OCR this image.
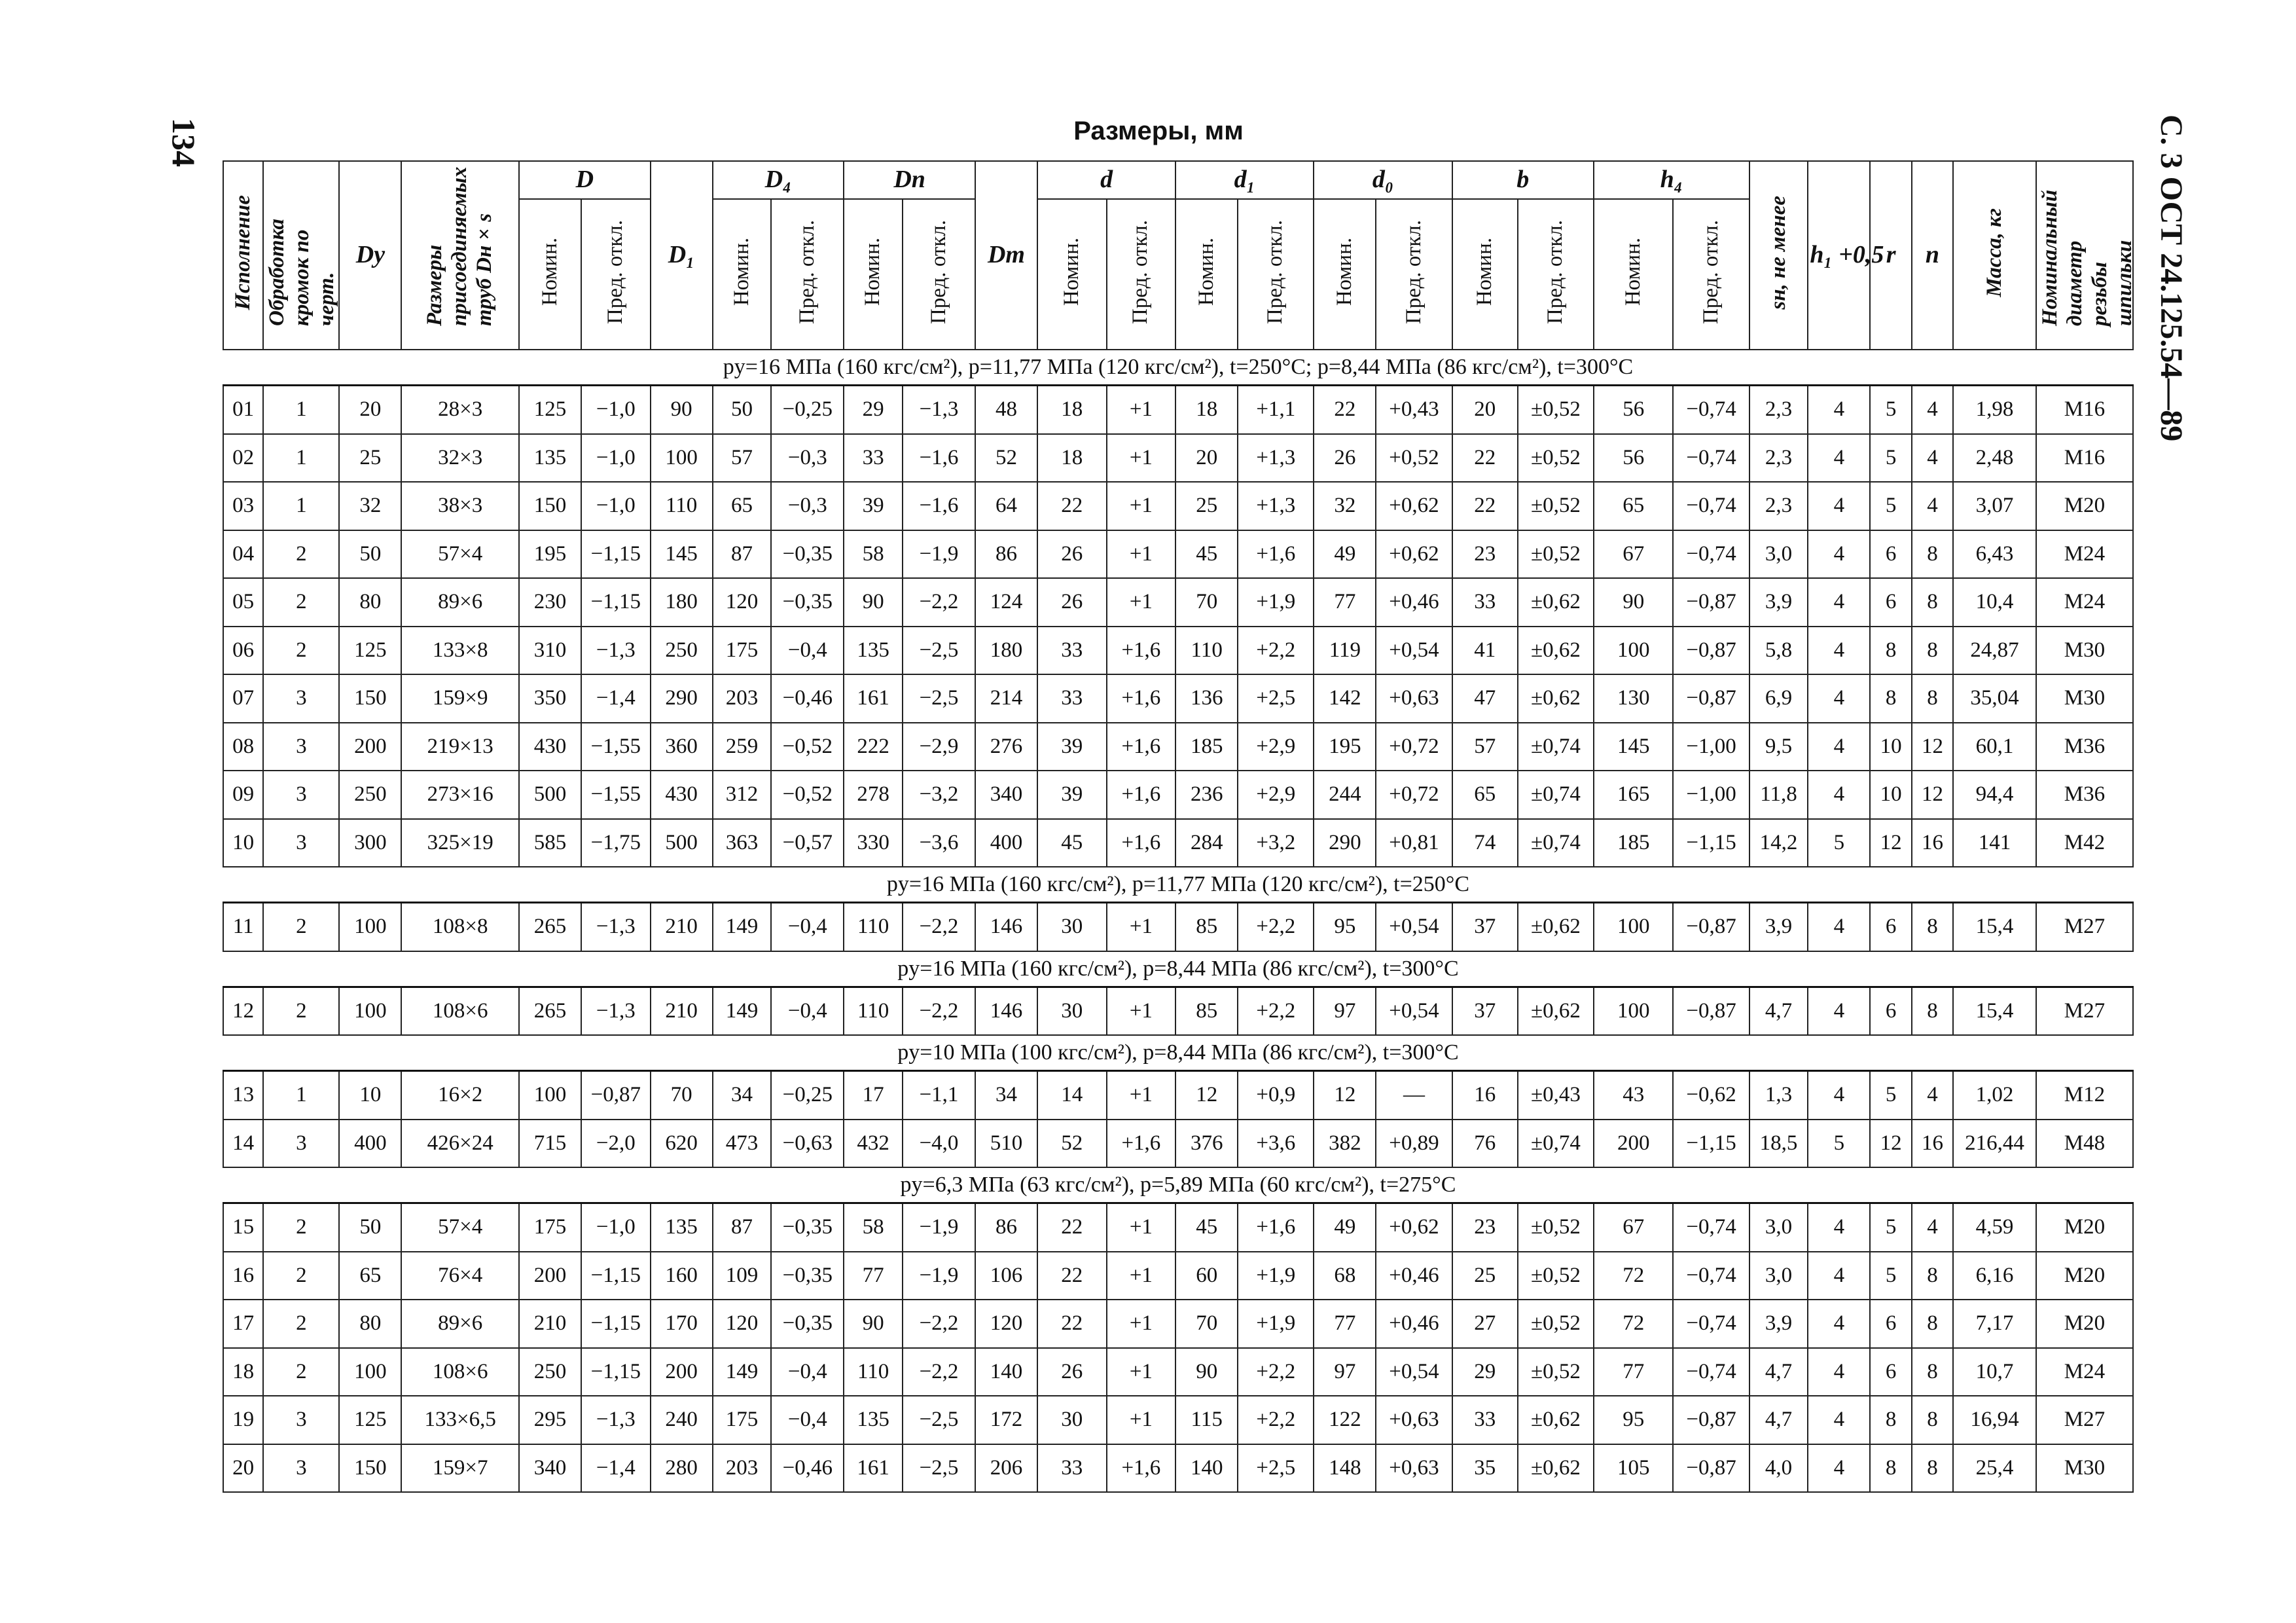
134	С. 3 ОСТ 24.125.54—89
Размеры, мм
Исполнение	Обработка кромок по черт.	Dу	Размеры присоединяемых труб Dн×s	D		D₁	D₄		Dп		Dm	d		d₁		d₀		b		h₄		sн, не менее	h₁ +0,5	r	n	Масса, кг	Номинальный диаметр резьбы шпильки
				Номин.	Пред. откл.		Номин.	Пред. откл.	Номин.	Пред. откл.		Номин.	Пред. откл.	Номин.	Пред. откл.	Номин.	Пред. откл.	Номин.	Пред. откл.	Номин.	Пред. откл.						
pу=16 МПа (160 кгс/см²), p=11,77 МПа (120 кгс/см²), t=250°С; p=8,44 МПа (86 кгс/см²), t=300°С																											
01	1	20	28×3	125	−1,0	90	50	−0,25	29	−1,3	48	18	+1	18	+1,1	22	+0,43	20	±0,52	56	−0,74	2,3	4	5	4	1,98	M16
02	1	25	32×3	135	−1,0	100	57	−0,3	33	−1,6	52	18	+1	20	+1,3	26	+0,52	22	±0,52	56	−0,74	2,3	4	5	4	2,48	M16
03	1	32	38×3	150	−1,0	110	65	−0,3	39	−1,6	64	22	+1	25	+1,3	32	+0,62	22	±0,52	65	−0,74	2,3	4	5	4	3,07	M20
04	2	50	57×4	195	−1,15	145	87	−0,35	58	−1,9	86	26	+1	45	+1,6	49	+0,62	23	±0,52	67	−0,74	3,0	4	6	8	6,43	M24
05	2	80	89×6	230	−1,15	180	120	−0,35	90	−2,2	124	26	+1	70	+1,9	77	+0,46	33	±0,62	90	−0,87	3,9	4	6	8	10,4	M24
06	2	125	133×8	310	−1,3	250	175	−0,4	135	−2,5	180	33	+1,6	110	+2,2	119	+0,54	41	±0,62	100	−0,87	5,8	4	8	8	24,87	M30
07	3	150	159×9	350	−1,4	290	203	−0,46	161	−2,5	214	33	+1,6	136	+2,5	142	+0,63	47	±0,62	130	−0,87	6,9	4	8	8	35,04	M30
08	3	200	219×13	430	−1,55	360	259	−0,52	222	−2,9	276	39	+1,6	185	+2,9	195	+0,72	57	±0,74	145	−1,00	9,5	4	10	12	60,1	M36
09	3	250	273×16	500	−1,55	430	312	−0,52	278	−3,2	340	39	+1,6	236	+2,9	244	+0,72	65	±0,74	165	−1,00	11,8	4	10	12	94,4	M36
10	3	300	325×19	585	−1,75	500	363	−0,57	330	−3,6	400	45	+1,6	284	+3,2	290	+0,81	74	±0,74	185	−1,15	14,2	5	12	16	141	M42
pу=16 МПа (160 кгс/см²), p=11,77 МПа (120 кгс/см²), t=250°С																											
11	2	100	108×8	265	−1,3	210	149	−0,4	110	−2,2	146	30	+1	85	+2,2	95	+0,54	37	±0,62	100	−0,87	3,9	4	6	8	15,4	M27
pу=16 МПа (160 кгс/см²), p=8,44 МПа (86 кгс/см²), t=300°С																											
12	2	100	108×6	265	−1,3	210	149	−0,4	110	−2,2	146	30	+1	85	+2,2	97	+0,54	37	±0,62	100	−0,87	4,7	4	6	8	15,4	M27
pу=10 МПа (100 кгс/см²), p=8,44 МПа (86 кгс/см²), t=300°С																											
13	1	10	16×2	100	−0,87	70	34	−0,25	17	−1,1	34	14	+1	12	+0,9	12	—	16	±0,43	43	−0,62	1,3	4	5	4	1,02	M12
14	3	400	426×24	715	−2,0	620	473	−0,63	432	−4,0	510	52	+1,6	376	+3,6	382	+0,89	76	±0,74	200	−1,15	18,5	5	12	16	216,44	M48
pу=6,3 МПа (63 кгс/см²), p=5,89 МПа (60 кгс/см²), t=275°С																											
15	2	50	57×4	175	−1,0	135	87	−0,35	58	−1,9	86	22	+1	45	+1,6	49	+0,62	23	±0,52	67	−0,74	3,0	4	5	4	4,59	M20
16	2	65	76×4	200	−1,15	160	109	−0,35	77	−1,9	106	22	+1	60	+1,9	68	+0,46	25	±0,52	72	−0,74	3,0	4	5	8	6,16	M20
17	2	80	89×6	210	−1,15	170	120	−0,35	90	−2,2	120	22	+1	70	+1,9	77	+0,46	27	±0,52	72	−0,74	3,9	4	6	8	7,17	M20
18	2	100	108×6	250	−1,15	200	149	−0,4	110	−2,2	140	26	+1	90	+2,2	97	+0,54	29	±0,52	77	−0,74	4,7	4	6	8	10,7	M24
19	3	125	133×6,5	295	−1,3	240	175	−0,4	135	−2,5	172	30	+1	115	+2,2	122	+0,63	33	±0,62	95	−0,87	4,7	4	8	8	16,94	M27
20	3	150	159×7	340	−1,4	280	203	−0,46	161	−2,5	206	33	+1,6	140	+2,5	148	+0,63	35	±0,62	105	−0,87	4,0	4	8	8	25,4	M30
